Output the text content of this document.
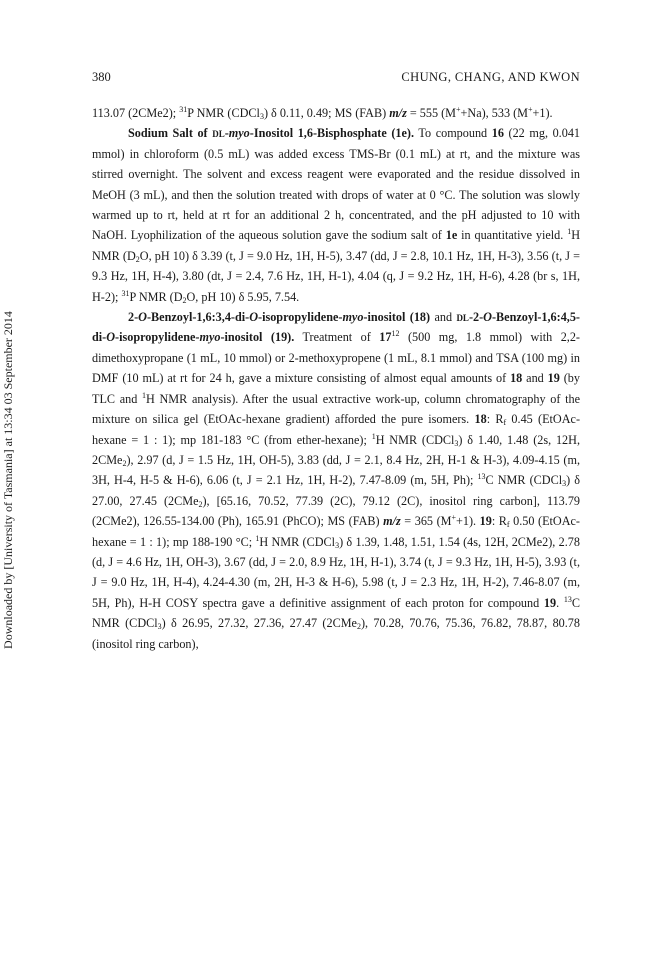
380	CHUNG, CHANG, AND KWON
Downloaded by [University of Tasmania] at 13:34 03 September 2014

113.07 (2CMe2); $^{31}$P NMR (CDCl$_3$) δ 0.11, 0.49; MS (FAB) m/z = 555 (M++Na), 533 (M++1).

Sodium Salt of dl-myo-Inositol 1,6-Bisphosphate (1e). To compound 16 (22 mg, 0.041 mmol) in chloroform (0.5 mL) was added excess TMS-Br (0.1 mL) at rt, and the mixture was stirred overnight. The solvent and excess reagent were evaporated and the residue dissolved in MeOH (3 mL), and then the solution treated with drops of water at 0 °C. The solution was slowly warmed up to rt, held at rt for an additional 2 h, concentrated, and the pH adjusted to 10 with NaOH. Lyophilization of the aqueous solution gave the sodium salt of 1e in quantitative yield. $^1$H NMR ($D_2O$, pH 10) δ 3.39 (t, J = 9.0 Hz, 1H, H-5), 3.47 (dd, J = 2.8, 10.1 Hz, 1H, H-3), 3.56 (t, J = 9.3 Hz, 1H, H-4), 3.80 (dt, J = 2.4, 7.6 Hz, 1H, H-1), 4.04 (q, J = 9.2 Hz, 1H, H-6), 4.28 (br s, 1H, H-2); $^{31}$P NMR ($D_2O$, pH 10) δ 5.95, 7.54.

2-O-Benzoyl-1,6:3,4-di-O-isopropylidene-myo-inositol (18) and dl-2-O-Benzoyl-1,6:4,5-di-O-isopropylidene-myo-inositol (19). Treatment of $17^{12}$ (500 mg, 1.8 mmol) with 2,2-dimethoxypropane (1 mL, 10 mmol) or 2-methoxypropene (1 mL, 8.1 mmol) and TSA (100 mg) in DMF (10 mL) at rt for 24 h, gave a mixture consisting of almost equal amounts of 18 and 19 (by TLC and $^1$H NMR analysis). After the usual extractive work-up, column chromatography of the mixture on silica gel (EtOAc-hexane gradient) afforded the pure isomers. 18: $R_f$ 0.45 (EtOAc-hexane = 1 : 1); mp 181-183 °C (from ether-hexane); $^1$H NMR (CDCl$_3$) δ 1.40, 1.48 (2s, 12H, 2CMe$_2$), 2.97 (d, J = 1.5 Hz, 1H, OH-5), 3.83 (dd, J = 2.1, 8.4 Hz, 2H, H-1 & H-3), 4.09-4.15 (m, 3H, H-4, H-5 & H-6), 6.06 (t, J = 2.1 Hz, 1H, H-2), 7.47-8.09 (m, 5H, Ph); $^{13}$C NMR (CDCl$_3$) δ 27.00, 27.45 (2CMe$_2$), [65.16, 70.52, 77.39 (2C), 79.12 (2C), inositol ring carbon], 113.79 (2CMe2), 126.55-134.00 (Ph), 165.91 (PhCO); MS (FAB) m/z = 365 (M++1). 19: $R_f$ 0.50 (EtOAc-hexane = 1 : 1); mp 188-190 °C; $^1$H NMR (CDCl$_3$) δ 1.39, 1.48, 1.51, 1.54 (4s, 12H, 2CMe2), 2.78 (d, J = 4.6 Hz, 1H, OH-3), 3.67 (dd, J = 2.0, 8.9 Hz, 1H, H-1), 3.74 (t, J = 9.3 Hz, 1H, H-5), 3.93 (t, J = 9.0 Hz, 1H, H-4), 4.24-4.30 (m, 2H, H-3 & H-6), 5.98 (t, J = 2.3 Hz, 1H, H-2), 7.46-8.07 (m, 5H, Ph), H-H COSY spectra gave a definitive assignment of each proton for compound 19. $^{13}$C NMR (CDCl$_3$) δ 26.95, 27.32, 27.36, 27.47 (2CMe$_2$), 70.28, 70.76, 75.36, 76.82, 78.87, 80.78 (inositol ring carbon),
